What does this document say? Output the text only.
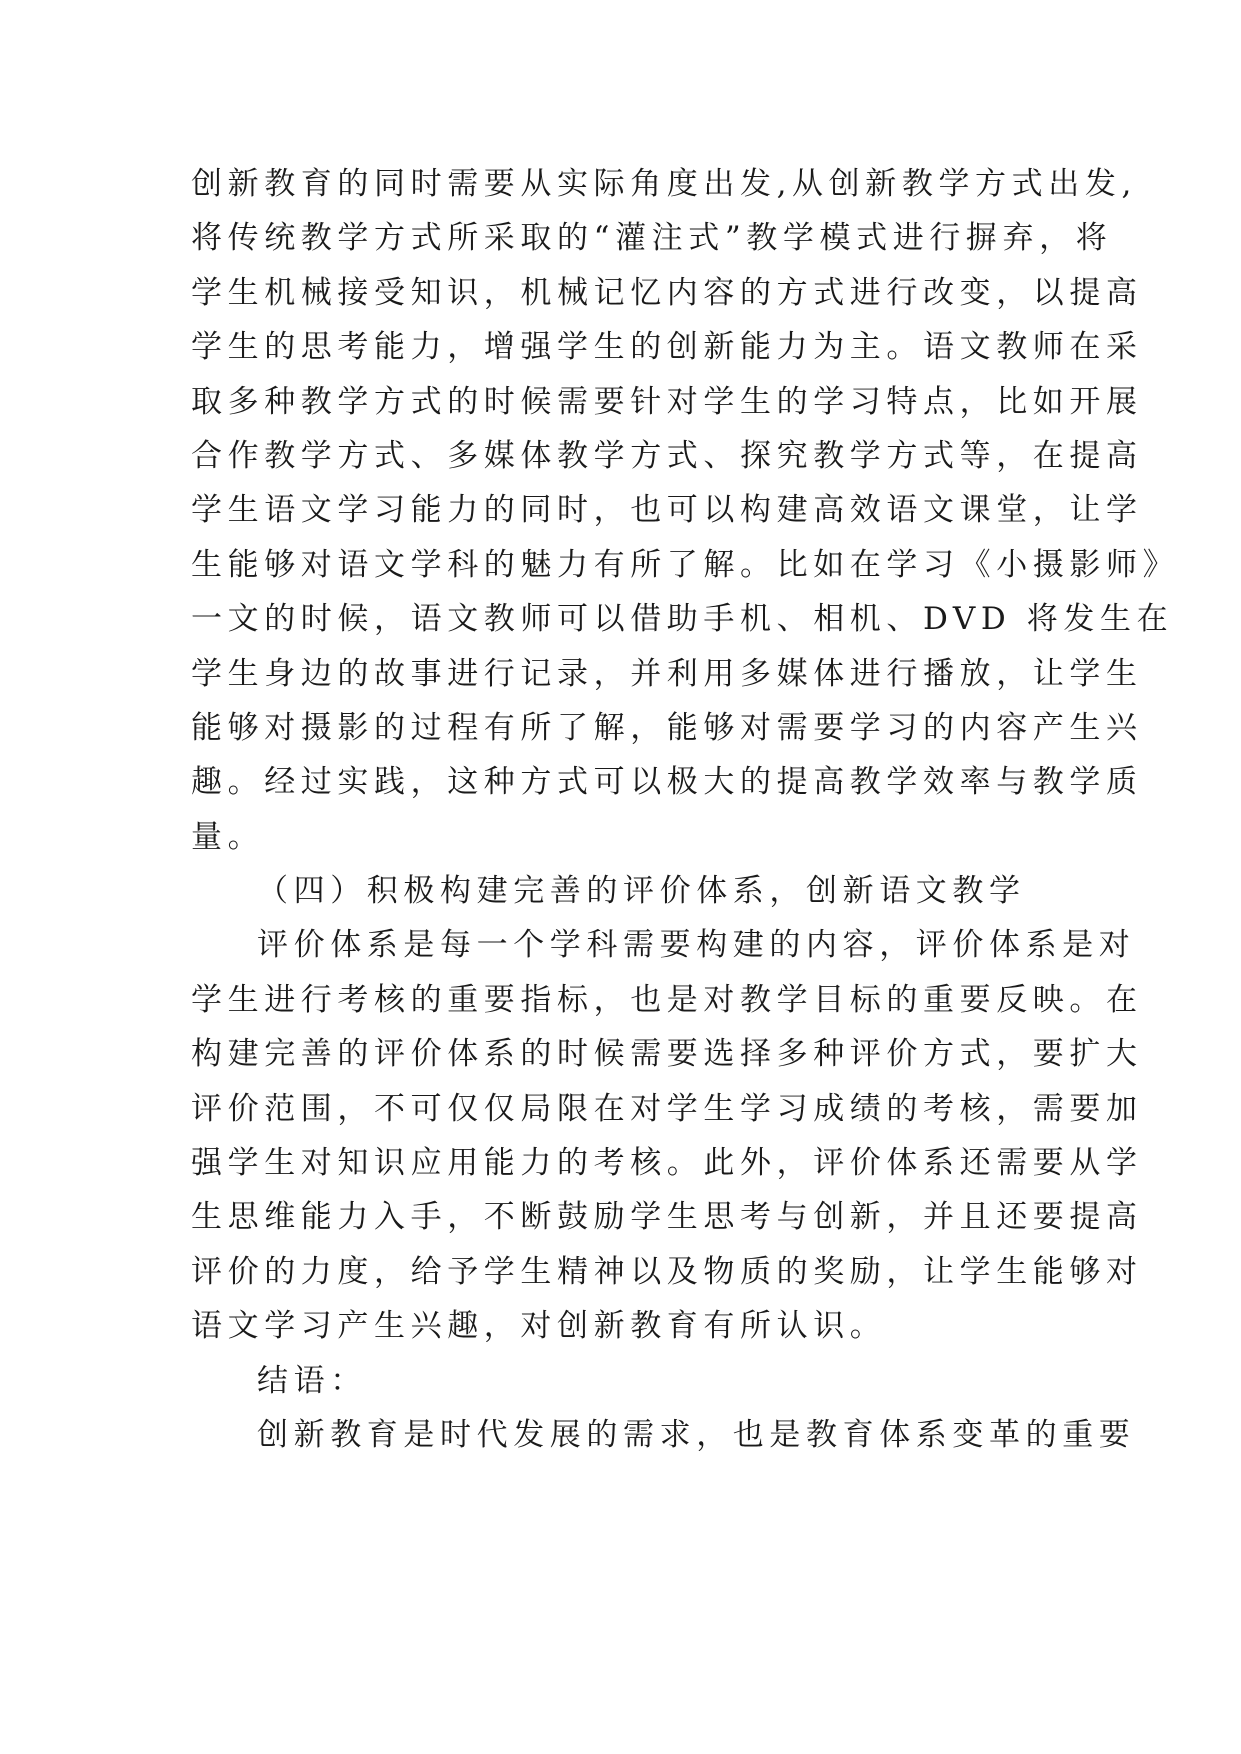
创新教育的同时需要从实际角度出发,从创新教学方式出发,
将传统教学方式所采取的“灌注式”教学模式进行摒弃，将
学生机械接受知识，机械记忆内容的方式进行改变，以提高
学生的思考能力，增强学生的创新能力为主。语文教师在采
取多种教学方式的时候需要针对学生的学习特点，比如开展
合作教学方式、多媒体教学方式、探究教学方式等，在提高
学生语文学习能力的同时，也可以构建高效语文课堂，让学
生能够对语文学科的魅力有所了解。比如在学习《小摄影师》
一文的时候，语文教师可以借助手机、相机、DVD 将发生在
学生身边的故事进行记录，并利用多媒体进行播放，让学生
能够对摄影的过程有所了解，能够对需要学习的内容产生兴
趣。经过实践，这种方式可以极大的提高教学效率与教学质
量。
（四）积极构建完善的评价体系，创新语文教学
评价体系是每一个学科需要构建的内容，评价体系是对
学生进行考核的重要指标，也是对教学目标的重要反映。在
构建完善的评价体系的时候需要选择多种评价方式，要扩大
评价范围，不可仅仅局限在对学生学习成绩的考核，需要加
强学生对知识应用能力的考核。此外，评价体系还需要从学
生思维能力入手，不断鼓励学生思考与创新，并且还要提高
评价的力度，给予学生精神以及物质的奖励，让学生能够对
语文学习产生兴趣，对创新教育有所认识。
结语：
创新教育是时代发展的需求，也是教育体系变革的重要
